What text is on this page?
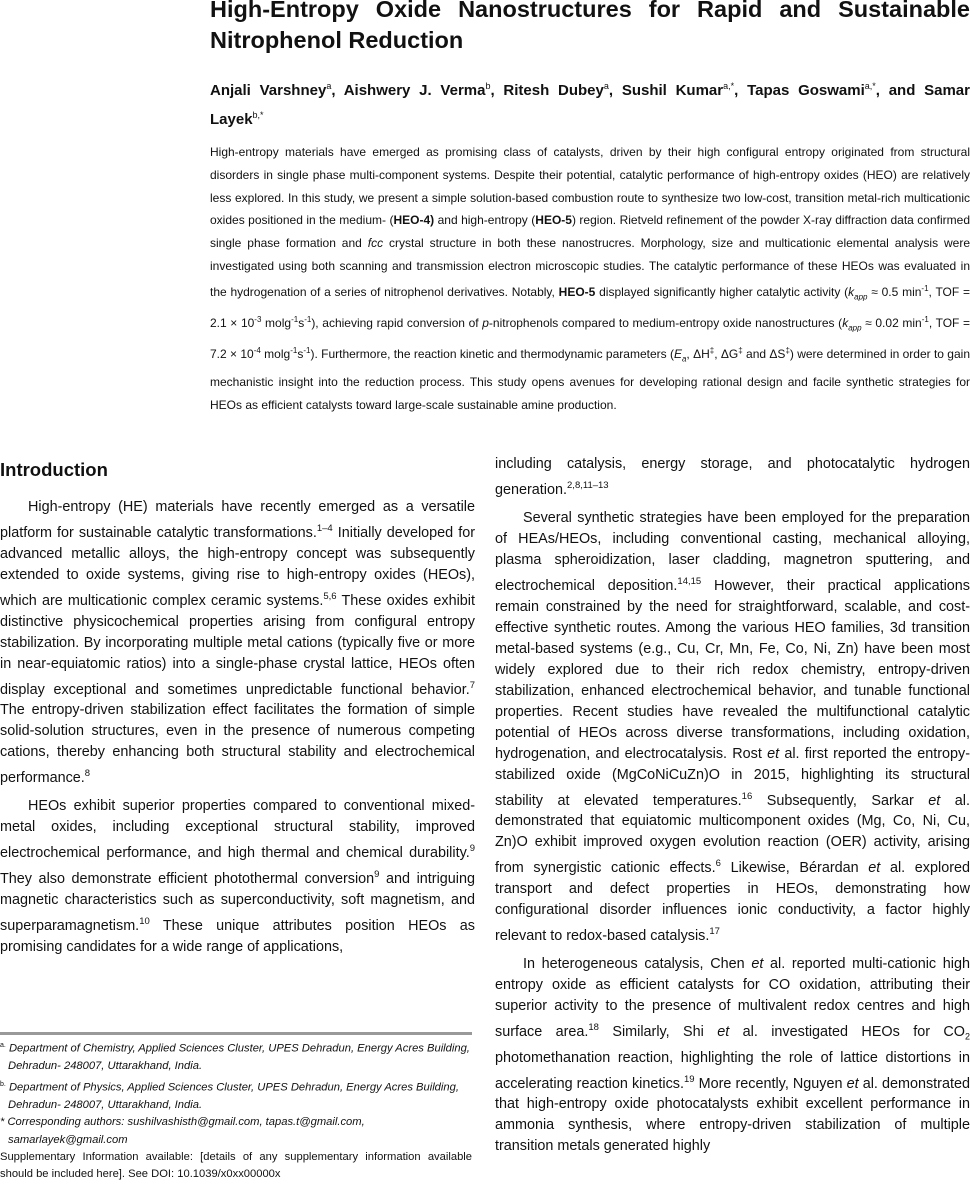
High-Entropy Oxide Nanostructures for Rapid and Sustainable Nitrophenol Reduction
Anjali Varshney$^a$, Aishwery J. Verma$^b$, Ritesh Dubey$^a$, Sushil Kumar$^{a,*}$, Tapas Goswami$^{a,*}$, and Samar Layek$^{b,*}$
High-entropy materials have emerged as promising class of catalysts, driven by their high configural entropy originated from structural disorders in single phase multi-component systems. Despite their potential, catalytic performance of high-entropy oxides (HEO) are relatively less explored. In this study, we present a simple solution-based combustion route to synthesize two low-cost, transition metal-rich multicationic oxides positioned in the medium- (HEO-4) and high-entropy (HEO-5) region. Rietveld refinement of the powder X-ray diffraction data confirmed single phase formation and fcc crystal structure in both these nanostrucres. Morphology, size and multicationic elemental analysis were investigated using both scanning and transmission electron microscopic studies. The catalytic performance of these HEOs was evaluated in the hydrogenation of a series of nitrophenol derivatives. Notably, HEO-5 displayed significantly higher catalytic activity ($k_{app} \approx 0.5$ $\min^{-1}$, TOF = $2.1 \times 10^{-3}$ $molg^{-1}s^{-1}$), achieving rapid conversion of p-nitrophenols compared to medium-entropy oxide nanostructures ($k_{app} \approx 0.02$ $\min^{-1}$, TOF = $7.2 \times 10^{-4}$ $molg^{-1}s^{-1}$). Furthermore, the reaction kinetic and thermodynamic parameters ($E_a$, ΔH‡, ΔG‡ and ΔS‡) were determined in order to gain mechanistic insight into the reduction process. This study opens avenues for developing rational design and facile synthetic strategies for HEOs as efficient catalysts toward large-scale sustainable amine production.
Introduction

High-entropy (HE) materials have recently emerged as a versatile platform for sustainable catalytic transformations.$^{1-4}$ Initially developed for advanced metallic alloys, the high-entropy concept was subsequently extended to oxide systems, giving rise to high-entropy oxides (HEOs), which are multicationic complex ceramic systems.$^{5,6}$ These oxides exhibit distinctive physicochemical properties arising from configural entropy stabilization. By incorporating multiple metal cations (typically five or more in near-equiatomic ratios) into a single-phase crystal lattice, HEOs often display exceptional and sometimes unpredictable functional behavior.$^7$ The entropy-driven stabilization effect facilitates the formation of simple solid-solution structures, even in the presence of numerous competing cations, thereby enhancing both structural stability and electrochemical performance.$^8$

HEOs exhibit superior properties compared to conventional mixed-metal oxides, including exceptional structural stability, improved electrochemical performance, and high thermal and chemical durability.$^9$ They also demonstrate efficient photothermal conversion$^9$ and intriguing magnetic characteristics such as superconductivity, soft magnetism, and superparamagnetism.$^{10}$ These unique attributes position HEOs as promising candidates for a wide range of applications,

including catalysis, energy storage, and photocatalytic hydrogen generation.$^{2,8,11-13}$

Several synthetic strategies have been employed for the preparation of HEAs/HEOs, including conventional casting, mechanical alloying, plasma spheroidization, laser cladding, magnetron sputtering, and electrochemical deposition.$^{14,15}$ However, their practical applications remain constrained by the need for straightforward, scalable, and cost-effective synthetic routes. Among the various HEO families, 3d transition metal-based systems (e.g., Cu, Cr, Mn, Fe, Co, Ni, Zn) have been most widely explored due to their rich redox chemistry, entropy-driven stabilization, enhanced electrochemical behavior, and tunable functional properties. Recent studies have revealed the multifunctional catalytic potential of HEOs across diverse transformations, including oxidation, hydrogenation, and electrocatalysis. Rost et al. first reported the entropy-stabilized oxide (MgCoNiCuZn)O in 2015, highlighting its structural stability at elevated temperatures.$^{16}$ Subsequently, Sarkar et al. demonstrated that equiatomic multicomponent oxides (Mg, Co, Ni, Cu, Zn)O exhibit improved oxygen evolution reaction (OER) activity, arising from synergistic cationic effects.$^6$ Likewise, Bérardan et al. explored transport and defect properties in HEOs, demonstrating how configurational disorder influences ionic conductivity, a factor highly relevant to redox-based catalysis.$^{17}$

In heterogeneous catalysis, Chen et al. reported multi-cationic high entropy oxide as efficient catalysts for CO oxidation, attributing their superior activity to the presence of multivalent redox centres and high surface area.$^{18}$ Similarly, Shi et al. investigated HEOs for $CO_2$ photomethanation reaction, highlighting the role of lattice distortions in accelerating reaction kinetics.$^{19}$ More recently, Nguyen et al. demonstrated that high-entropy oxide photocatalysts exhibit excellent performance in ammonia synthesis, where entropy-driven stabilization of multiple transition metals generated highly

$^{a.}$ Department of Chemistry, Applied Sciences Cluster, UPES Dehradun, Energy Acres Building, Dehradun- 248007, Uttarakhand, India.

$^{b.}$ Department of Physics, Applied Sciences Cluster, UPES Dehradun, Energy Acres Building, Dehradun- 248007, Uttarakhand, India.

* Corresponding authors: sushilvashisth@gmail.com, tapas.t@gmail.com, samarlayek@gmail.com

Supplementary Information available: [details of any supplementary information available should be included here]. See DOI: 10.1039/x0xx00000x
